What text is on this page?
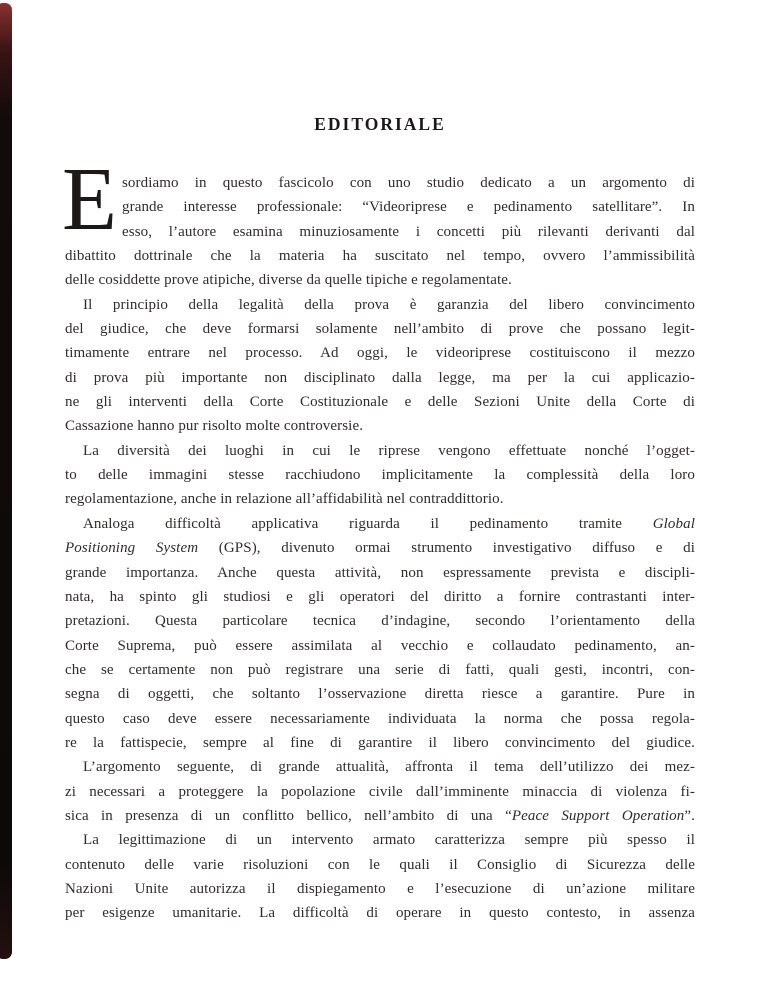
EDITORIALE
E sordiamo in questo fascicolo con uno studio dedicato a un argomento di
grande interesse professionale: “Videoriprese e pedinamento satellitare”. In
esso, l’autore esamina minuziosamente i concetti più rilevanti derivanti dal
dibattito dottrinale che la materia ha suscitato nel tempo, ovvero l’ammissibilità
delle cosiddette prove atipiche, diverse da quelle tipiche e regolamentate.
Il principio della legalità della prova è garanzia del libero convincimento
del giudice, che deve formarsi solamente nell’ambito di prove che possano legit-
timamente entrare nel processo. Ad oggi, le videoriprese costituiscono il mezzo
di prova più importante non disciplinato dalla legge, ma per la cui applicazio-
ne gli interventi della Corte Costituzionale e delle Sezioni Unite della Corte di
Cassazione hanno pur risolto molte controversie.
La diversità dei luoghi in cui le riprese vengono effettuate nonché l’ogget-
to delle immagini stesse racchiudono implicitamente la complessità della loro
regolamentazione, anche in relazione all’affidabilità nel contraddittorio.
Analoga difficoltà applicativa riguarda il pedinamento tramite Global
Positioning System (GPS), divenuto ormai strumento investigativo diffuso e di
grande importanza. Anche questa attività, non espressamente prevista e discipli-
nata, ha spinto gli studiosi e gli operatori del diritto a fornire contrastanti inter-
pretazioni. Questa particolare tecnica d’indagine, secondo l’orientamento della
Corte Suprema, può essere assimilata al vecchio e collaudato pedinamento, an-
che se certamente non può registrare una serie di fatti, quali gesti, incontri, con-
segna di oggetti, che soltanto l’osservazione diretta riesce a garantire. Pure in
questo caso deve essere necessariamente individuata la norma che possa regola-
re la fattispecie, sempre al fine di garantire il libero convincimento del giudice.
L’argomento seguente, di grande attualità, affronta il tema dell’utilizzo dei mez-
zi necessari a proteggere la popolazione civile dall’imminente minaccia di violenza fi-
sica in presenza di un conflitto bellico, nell’ambito di una “Peace Support Operation”.
La legittimazione di un intervento armato caratterizza sempre più spesso il
contenuto delle varie risoluzioni con le quali il Consiglio di Sicurezza delle
Nazioni Unite autorizza il dispiegamento e l’esecuzione di un’azione militare
per esigenze umanitarie. La difficoltà di operare in questo contesto, in assenza
